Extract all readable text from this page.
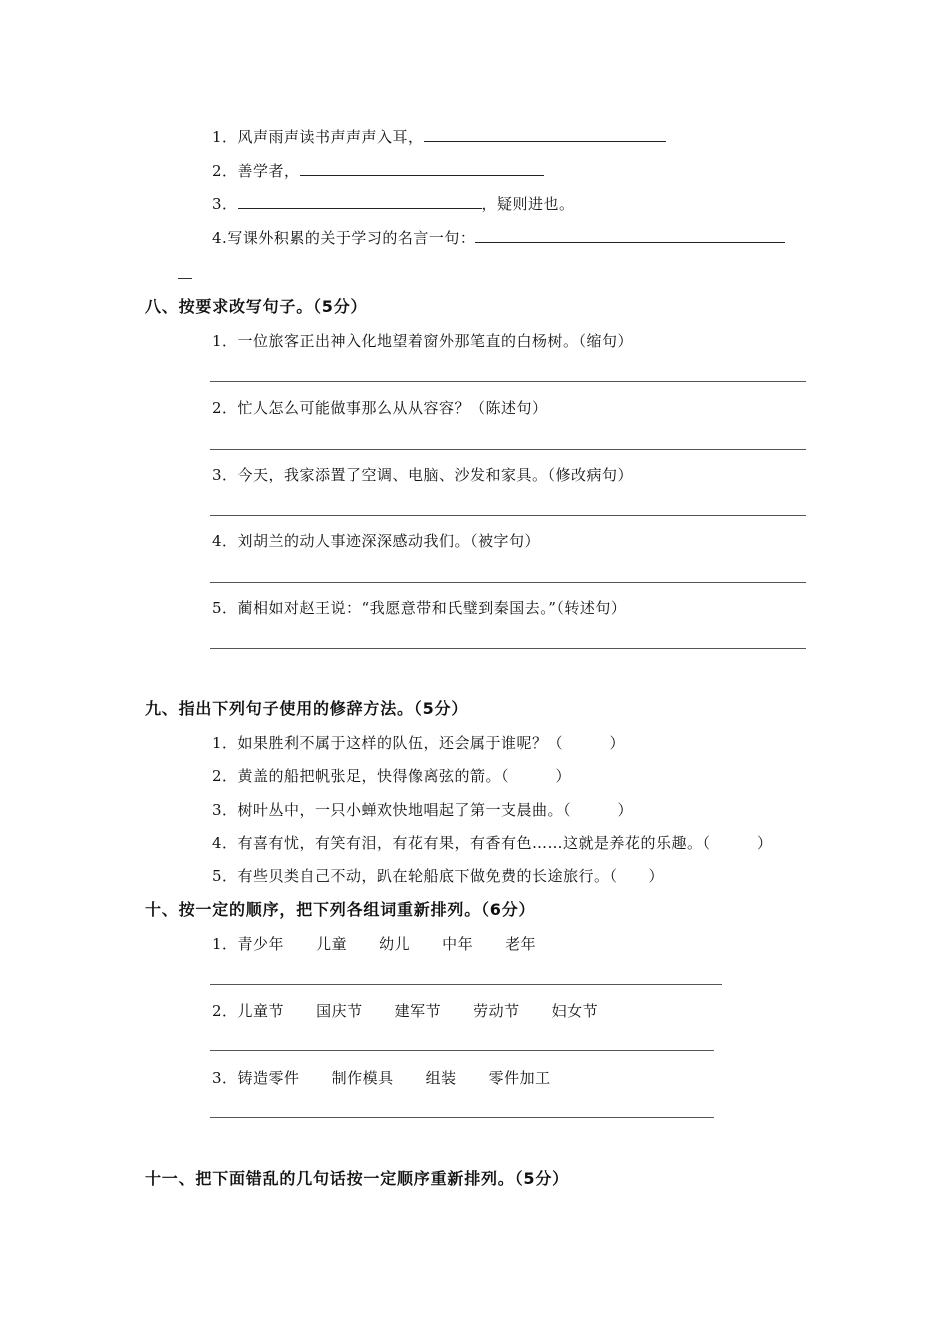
1．风声雨声读书声声声入耳，
2．善学者，
3．	，疑则进也。
4.写课外积累的关于学习的名言一句：
八、按要求改写句子。（5分）
1．一位旅客正出神入化地望着窗外那笔直的白杨树。（缩句）
2．忙人怎么可能做事那么从从容容？（陈述句）
3．今天，我家添置了空调、电脑、沙发和家具。（修改病句）
4．刘胡兰的动人事迹深深感动我们。（被字句）
5．蔺相如对赵王说：“我愿意带和氏璧到秦国去。”（转述句）
九、指出下列句子使用的修辞方法。（5分）
1．如果胜利不属于这样的队伍，还会属于谁呢？（　　　）
2．黄盖的船把帆张足，快得像离弦的箭。（　　　）
3．树叶丛中，一只小蝉欢快地唱起了第一支晨曲。（　　　）
4．有喜有忧，有笑有泪，有花有果，有香有色……这就是养花的乐趣。（　　　）
5．有些贝类自己不动，趴在轮船底下做免费的长途旅行。（　　）
十、按一定的顺序，把下列各组词重新排列。（6分）
1．青少年 儿童 幼儿 中年 老年
2．儿童节 国庆节 建军节 劳动节 妇女节
3．铸造零件 制作模具 组装 零件加工
十一、把下面错乱的几句话按一定顺序重新排列。（5分）
